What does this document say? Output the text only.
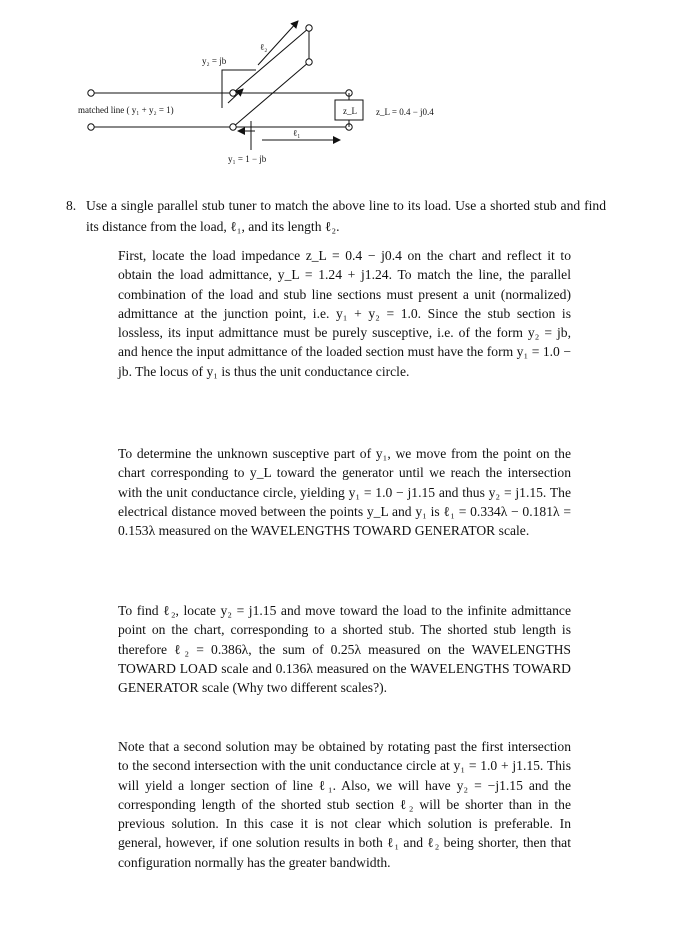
y₂ = jb
ℓ₂
matched line ( y₁ + y₂ = 1)	z_L z_L = 0.4 − j0.4
ℓ₁
y₁ = 1 − jb
8. Use a single parallel stub tuner to match the above line to its load. Use a shorted stub and find its distance from the load, ℓ₁, and its length ℓ₂.

First, locate the load impedance z_L = 0.4 − j0.4 on the chart and reflect it to obtain the load admittance, y_L = 1.24 + j1.24. To match the line, the parallel combination of the load and stub line sections must present a unit (normalized) admittance at the junction point, i.e. y₁ + y₂ = 1.0. Since the stub section is lossless, its input admittance must be purely susceptive, i.e. of the form y₂ = jb, and hence the input admittance of the loaded section must have the form y₁ = 1.0 − jb. The locus of y₁ is thus the unit conductance circle.

To determine the unknown susceptive part of y₁, we move from the point on the chart corresponding to y_L toward the generator until we reach the intersection with the unit conductance circle, yielding y₁ = 1.0 − j1.15 and thus y₂ = j1.15. The electrical distance moved between the points y_L and y₁ is ℓ₁ = 0.334λ − 0.181λ = 0.153λ measured on the WAVELENGTHS TOWARD GENERATOR scale.

To find ℓ₂, locate y₂ = j1.15 and move toward the load to the infinite admittance point on the chart, corresponding to a shorted stub. The shorted stub length is therefore ℓ₂ = 0.386λ, the sum of 0.25λ measured on the WAVELENGTHS TOWARD LOAD scale and 0.136λ measured on the WAVELENGTHS TOWARD GENERATOR scale (Why two different scales?).

Note that a second solution may be obtained by rotating past the first intersection to the second intersection with the unit conductance circle at y₁ = 1.0 + j1.15. This will yield a longer section of line ℓ₁. Also, we will have y₂ = −j1.15 and the corresponding length of the shorted stub section ℓ₂ will be shorter than in the previous solution. In this case it is not clear which solution is preferable. In general, however, if one solution results in both ℓ₁ and ℓ₂ being shorter, then that configuration normally has the greater bandwidth.
